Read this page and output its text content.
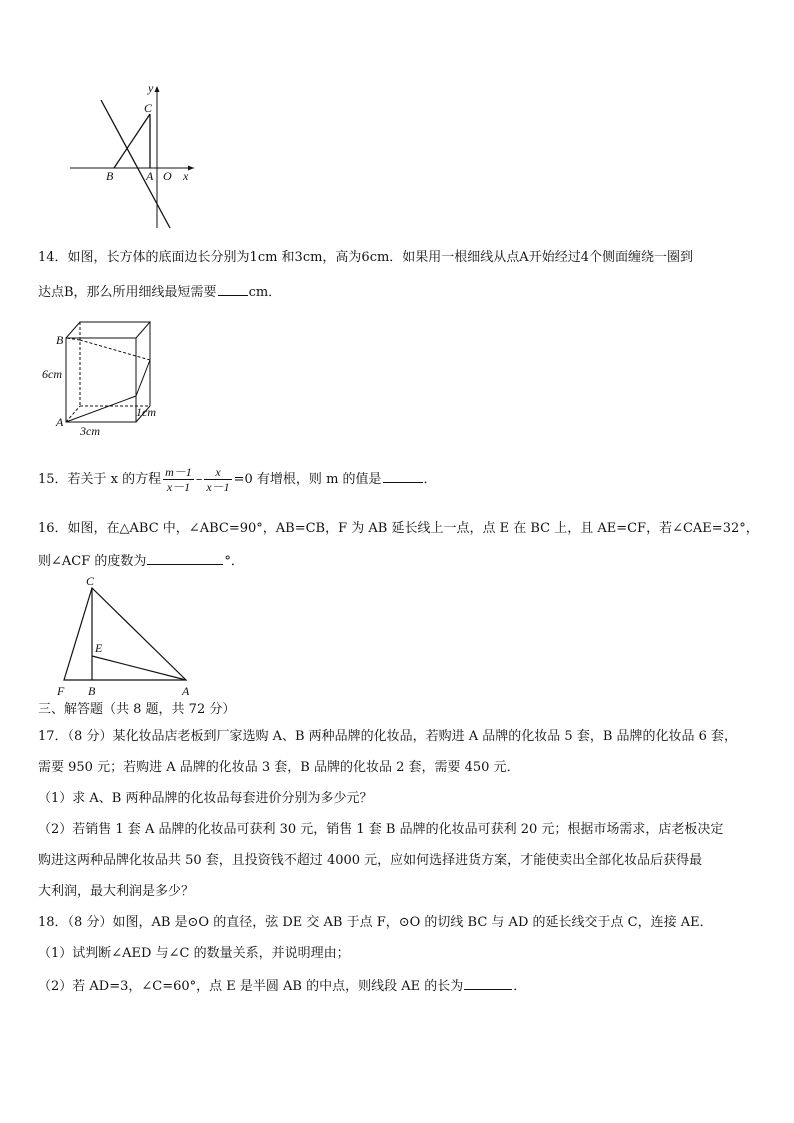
y
C
B	A O x
14．如图，长方体的底面边长分别为1cm 和3cm，高为6cm．如果用一根细线从点A开始经过4个侧面缠绕一圈到
达点B，那么所用细线最短需要 cm．
B
A
6cm
3cm
1cm
15．若关于 x 的方程 $\frac{m-1}{x-1} - \frac{x}{x-1} =0$ 有增根，则 m 的值是	．
16．如图，在△ABC 中，∠ABC=90°，AB=CB，F 为 AB 延长线上一点，点 E 在 BC 上，且 AE=CF，若∠CAE=32°，
则∠ACF 的度数为	°．
C
E
F B	A
三、解答题（共 8 题，共 72 分）
17．（8 分）某化妆品店老板到厂家选购 A、B 两种品牌的化妆品，若购进 A 品牌的化妆品 5 套，B 品牌的化妆品 6 套，
需要 950 元；若购进 A 品牌的化妆品 3 套，B 品牌的化妆品 2 套，需要 450 元．
（1）求 A、B 两种品牌的化妆品每套进价分别为多少元？
（2）若销售 1 套 A 品牌的化妆品可获利 30 元，销售 1 套 B 品牌的化妆品可获利 20 元；根据市场需求，店老板决定
购进这两种品牌化妆品共 50 套，且投资钱不超过 4000 元，应如何选择进货方案，才能使卖出全部化妆品后获得最
大利润，最大利润是多少？
18．（8 分）如图，AB 是⊙O 的直径，弦 DE 交 AB 于点 F，⊙O 的切线 BC 与 AD 的延长线交于点 C，连接 AE．
（1）试判断∠AED 与∠C 的数量关系，并说明理由；
（2）若 AD=3，∠C=60°，点 E 是半圆 AB 的中点，则线段 AE 的长为	．
